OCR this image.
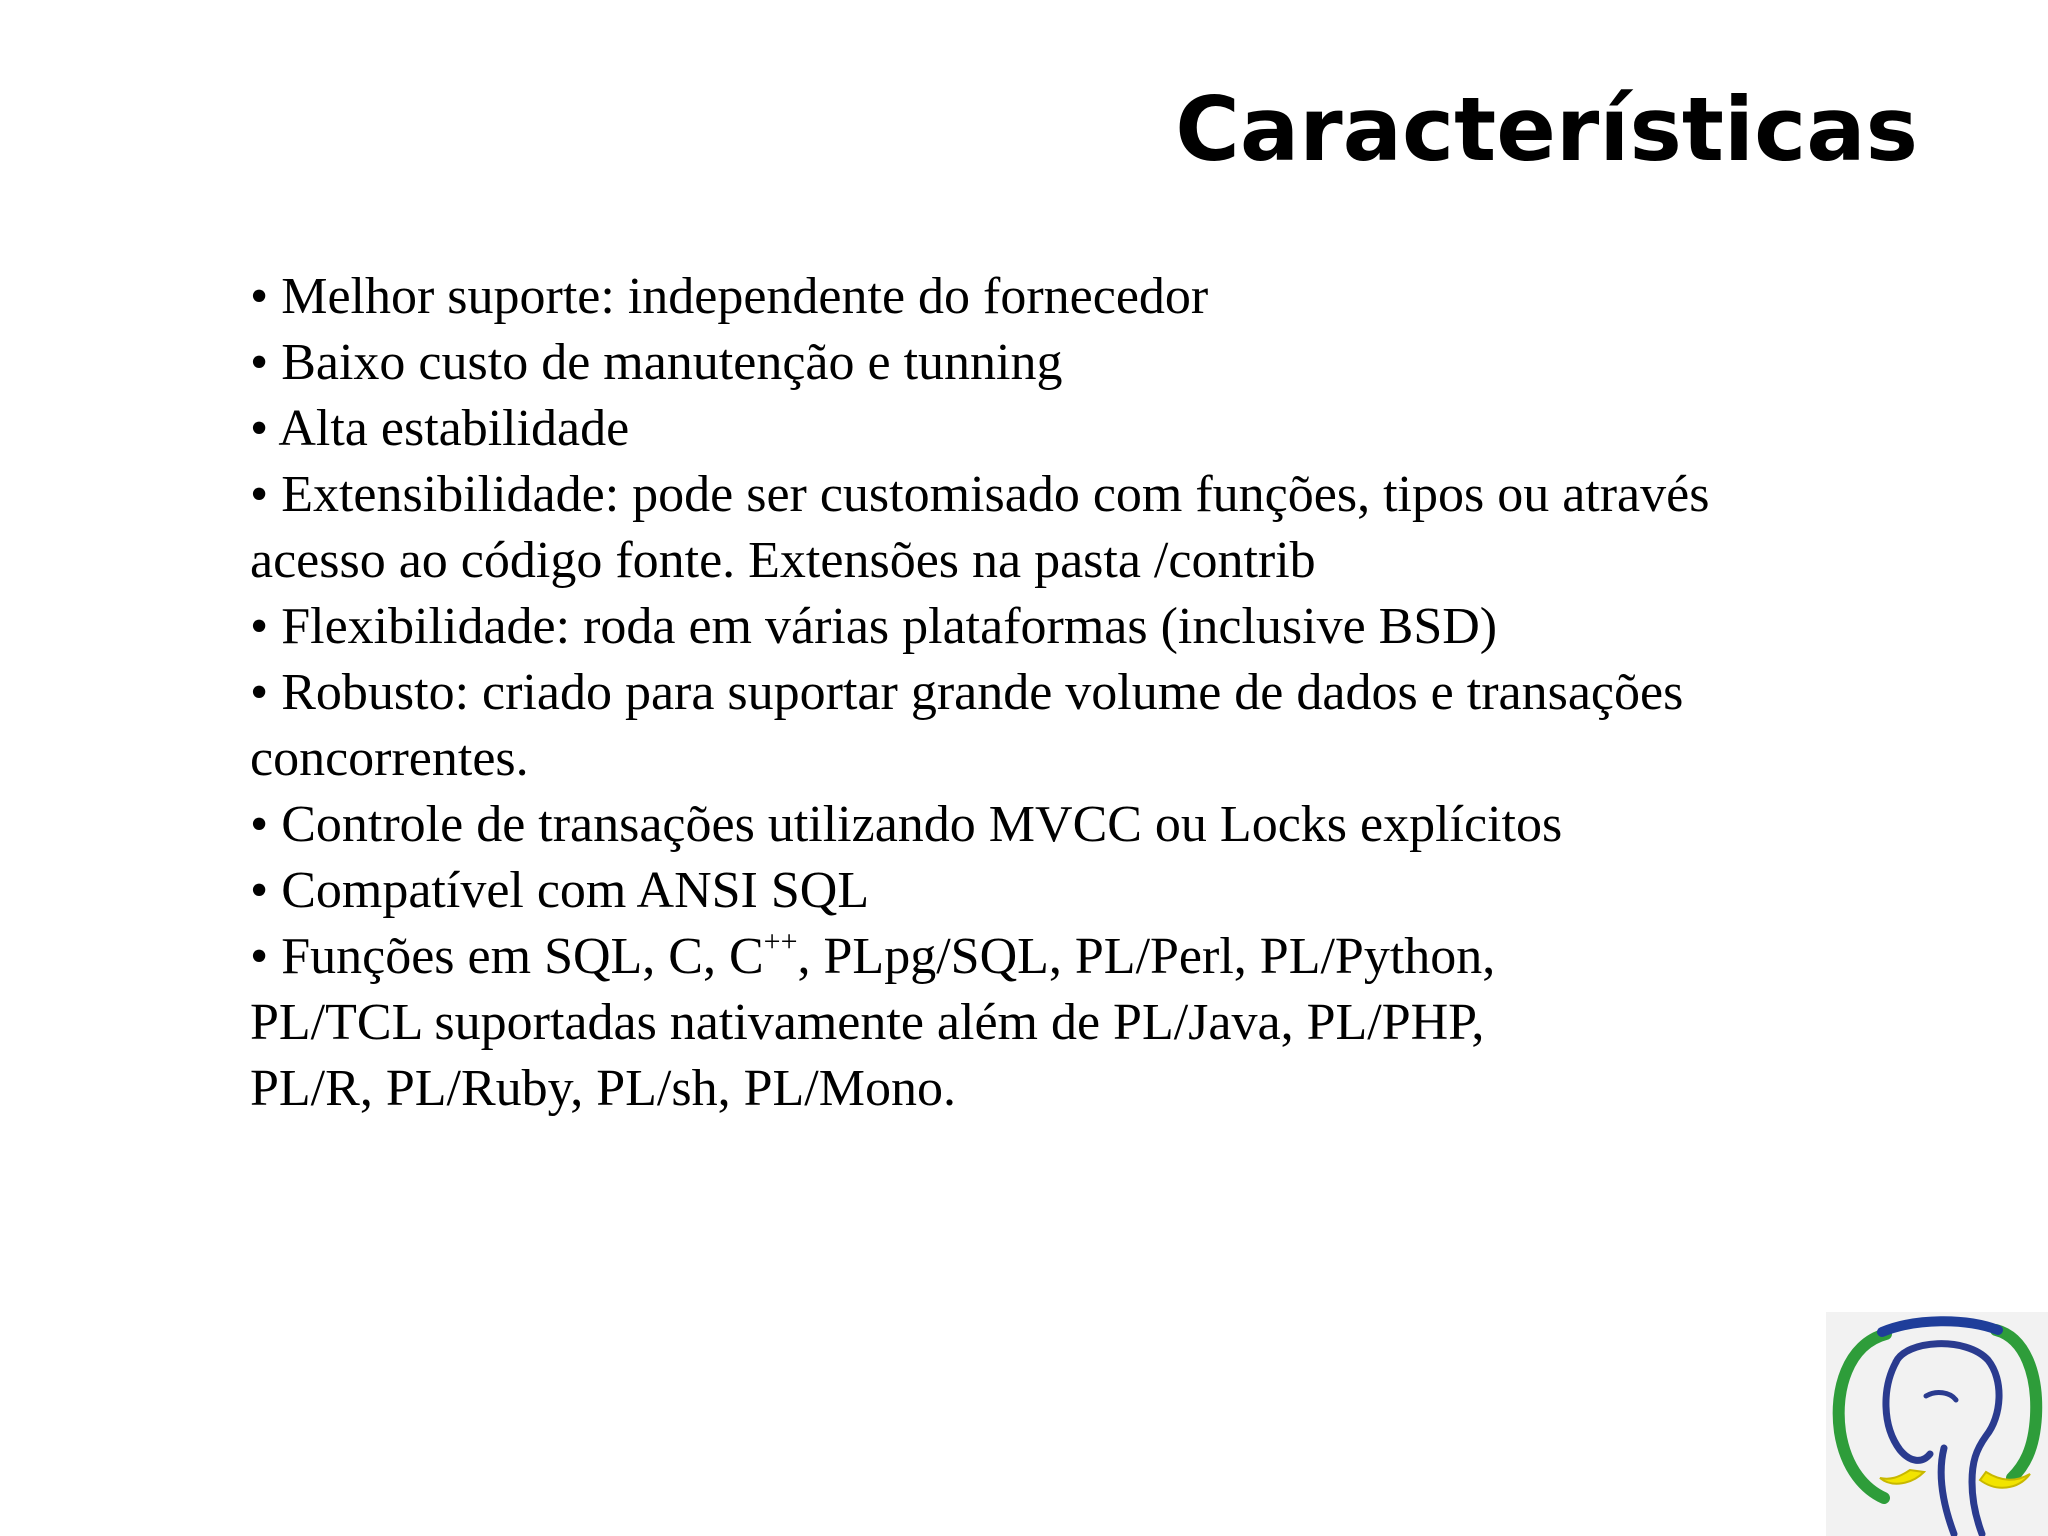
Características
• Melhor suporte: independente do fornecedor
• Baixo custo de manutenção e tunning
• Alta estabilidade
• Extensibilidade: pode ser customisado com funções, tipos ou através acesso ao código fonte. Extensões na pasta /contrib
• Flexibilidade: roda em várias plataformas (inclusive BSD)
• Robusto: criado para suportar grande volume de dados e transações concorrentes.
• Controle de transações utilizando MVCC ou Locks explícitos
• Compatível com ANSI SQL
• Funções em SQL, C, C++, PLpg/SQL, PL/Perl, PL/Python,
PL/TCL suportadas nativamente além de PL/Java, PL/PHP,
PL/R, PL/Ruby, PL/sh, PL/Mono.
